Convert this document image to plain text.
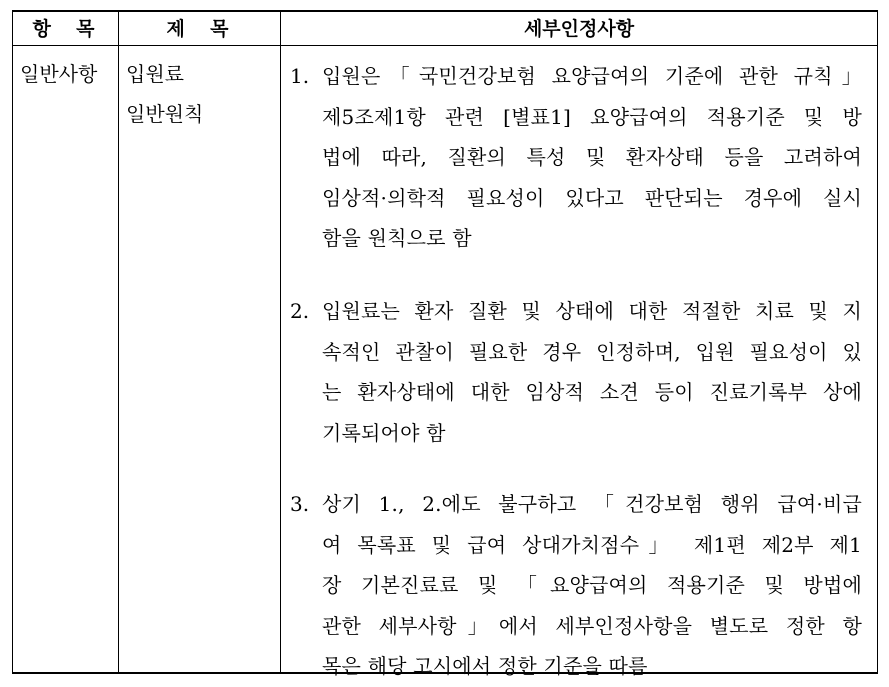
항  목	제  목	세부인정사항
일반사항 입원료
일반원칙
1. 입원은「국민건강보험 요양급여의 기준에 관한 규칙」
제5조제1항 관련 [별표1] 요양급여의 적용기준 및 방
법에 따라, 질환의 특성 및 환자상태 등을 고려하여
임상적·의학적 필요성이 있다고 판단되는 경우에 실시
함을 원칙으로 함
2. 입원료는 환자 질환 및 상태에 대한 적절한 치료 및 지
속적인 관찰이 필요한 경우 인정하며, 입원 필요성이 있
는 환자상태에 대한 임상적 소견 등이 진료기록부 상에
기록되어야 함
3. 상기 1., 2.에도 불구하고 「건강보험 행위 급여·비급
여 목록표 및 급여 상대가치점수」 제1편 제2부 제1
장 기본진료료 및 「요양급여의 적용기준 및 방법에
관한 세부사항」에서 세부인정사항을 별도로 정한 항
목은 해당 고시에서 정한 기준을 따름
